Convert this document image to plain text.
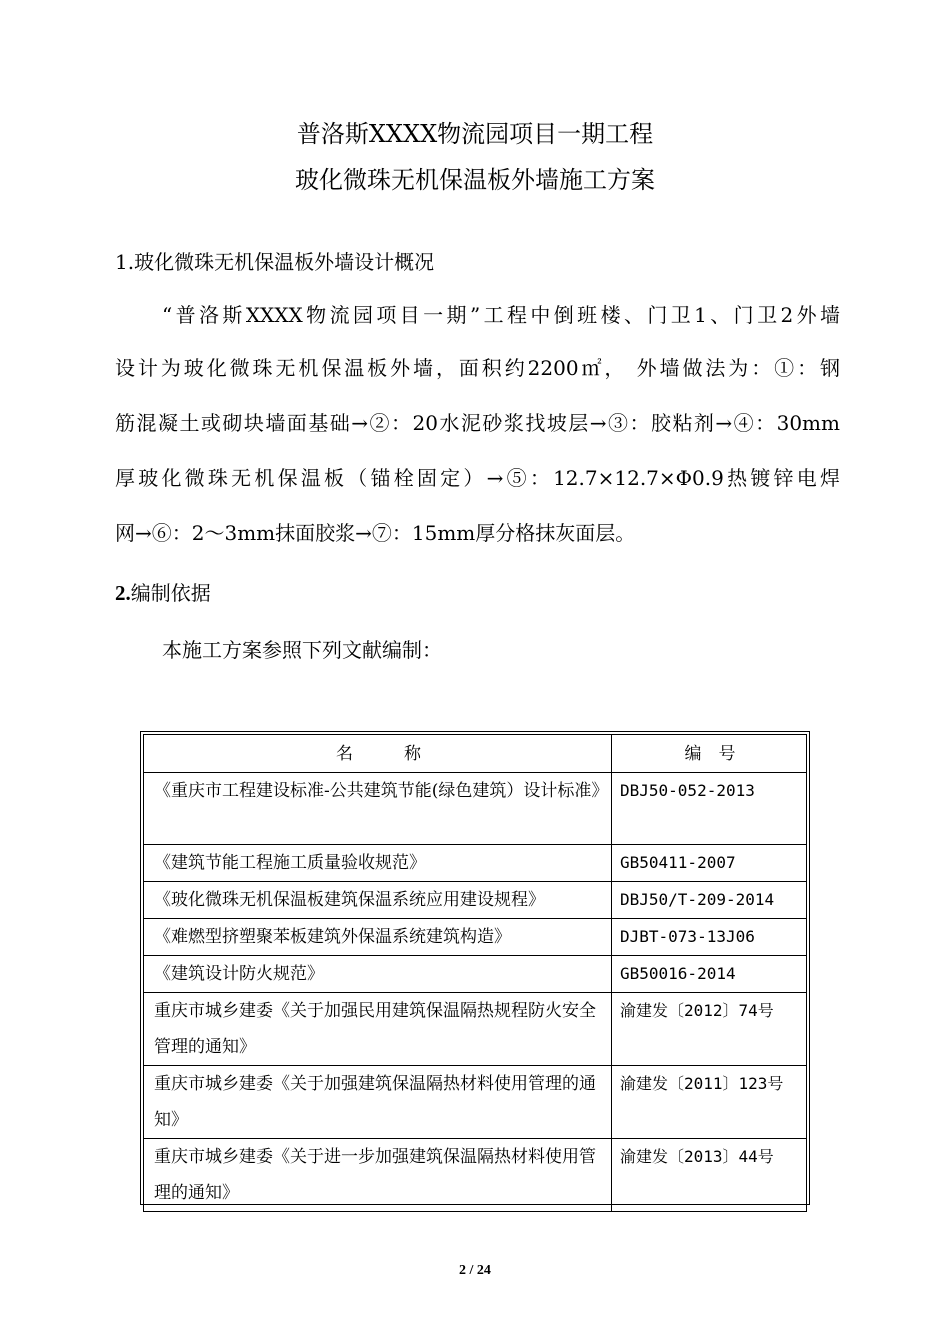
普洛斯XXXX物流园项目一期工程
玻化微珠无机保温板外墙施工方案
1.玻化微珠无机保温板外墙设计概况
“普洛斯XXXX物流园项目一期”工程中倒班楼、门卫1、门卫2外墙
设计为玻化微珠无机保温板外墙，面积约2200㎡， 外墙做法为：①：钢
筋混凝土或砌块墙面基础→②：20水泥砂浆找坡层→③：胶粘剂→④：30mm
厚玻化微珠无机保温板（锚栓固定）→⑤：12.7×12.7×Φ0.9热镀锌电焊
网→⑥：2～3mm抹面胶浆→⑦：15mm厚分格抹灰面层。
2.编制依据
本施工方案参照下列文献编制：
名　　　称	编　号
《重庆市工程建设标准-公共建筑节能(绿色建筑）设计标准》	DBJ50-052-2013
《建筑节能工程施工质量验收规范》	GB50411-2007
《玻化微珠无机保温板建筑保温系统应用建设规程》	DBJ50/T-209-2014
《难燃型挤塑聚苯板建筑外保温系统建筑构造》	DJBT-073-13J06
《建筑设计防火规范》	GB50016-2014
重庆市城乡建委《关于加强民用建筑保温隔热规程防火安全管理的通知》	渝建发〔2012〕74号
重庆市城乡建委《关于加强建筑保温隔热材料使用管理的通知》	渝建发〔2011〕123号
重庆市城乡建委《关于进一步加强建筑保温隔热材料使用管理的通知》	渝建发〔2013〕44号
2 / 24
